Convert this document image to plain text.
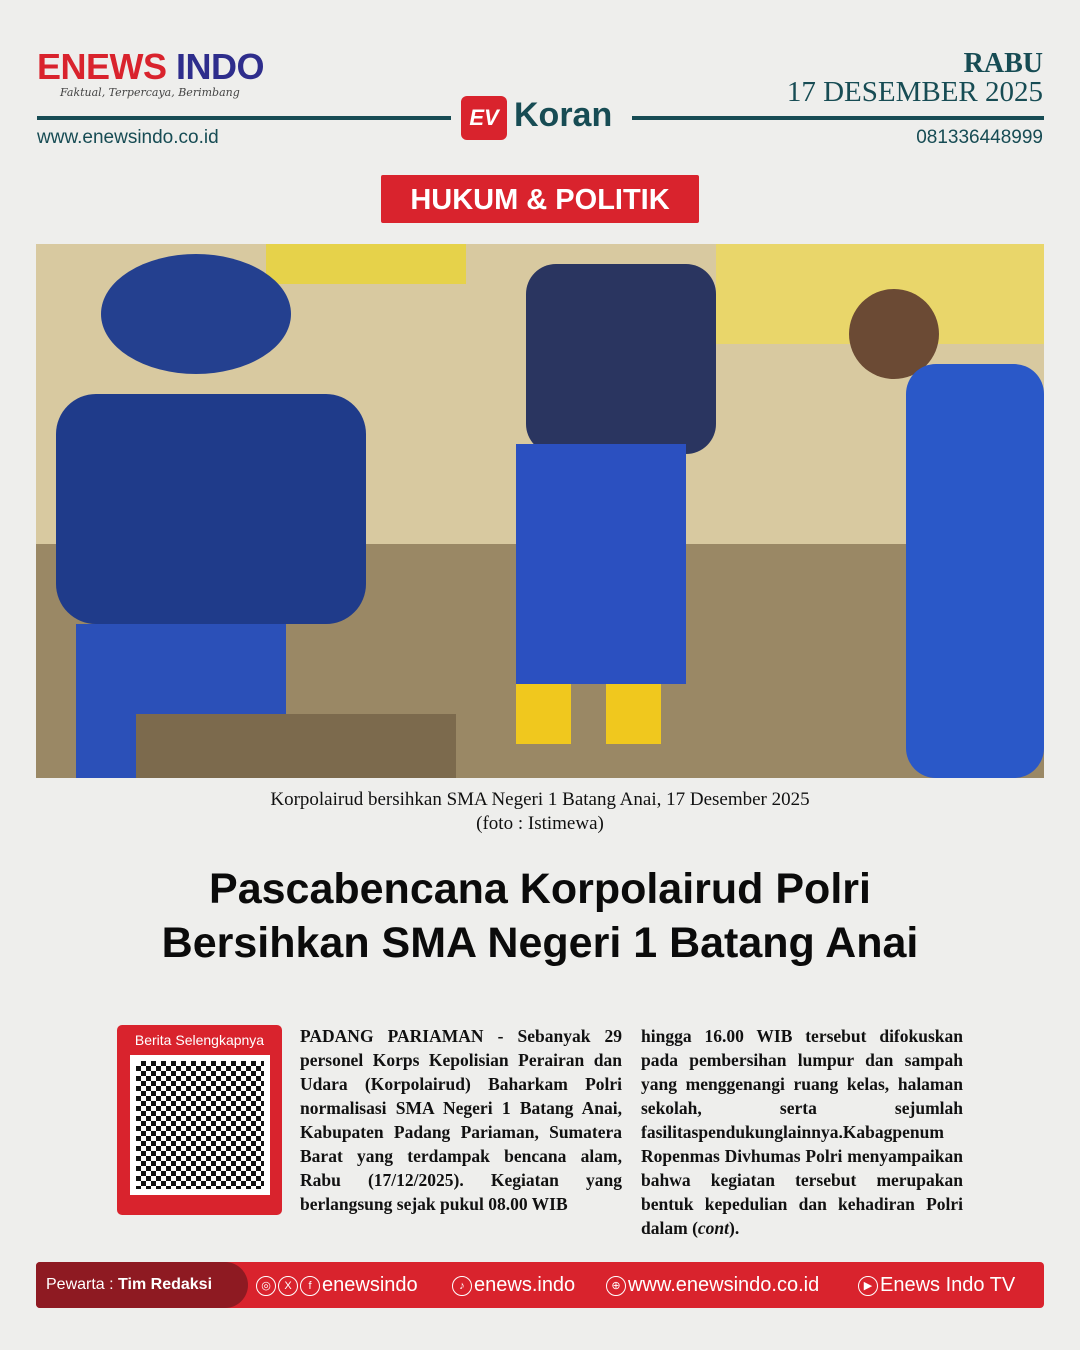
ENEWS INDO
Faktual, Terpercaya, Berimbang
RABU
17 DESEMBER 2025
EV Koran
www.enewsindo.co.id	081336448999
HUKUM & POLITIK
Korpolairud bersihkan SMA Negeri 1 Batang Anai, 17 Desember 2025
(foto : Istimewa)
Pascabencana Korpolairud Polri
Bersihkan SMA Negeri 1 Batang Anai
Berita Selengkapnya	PADANG PARIAMAN - Sebanyak 29 personel Korps Kepolisian Perairan dan Udara (Korpolairud) Baharkam Polri normalisasi SMA Negeri 1 Batang Anai, Kabupaten Padang Pariaman, Sumatera Barat yang terdampak bencana alam, Rabu (17/12/2025). Kegiatan yang berlangsung sejak pukul 08.00 WIB
hingga 16.00 WIB tersebut difokuskan pada pembersihan lumpur dan sampah yang menggenangi ruang kelas, halaman sekolah, serta sejumlah fasilitaspendukunglainnya.Kabagpenum Ropenmas Divhumas Polri menyampaikan bahwa kegiatan tersebut merupakan bentuk kepedulian dan kehadiran Polri dalam (cont).
Pewarta : Tim Redaksi	◎ X f enewsindo	♪ enews.indo	⊕ www.enewsindo.co.id	▶ Enews Indo TV
